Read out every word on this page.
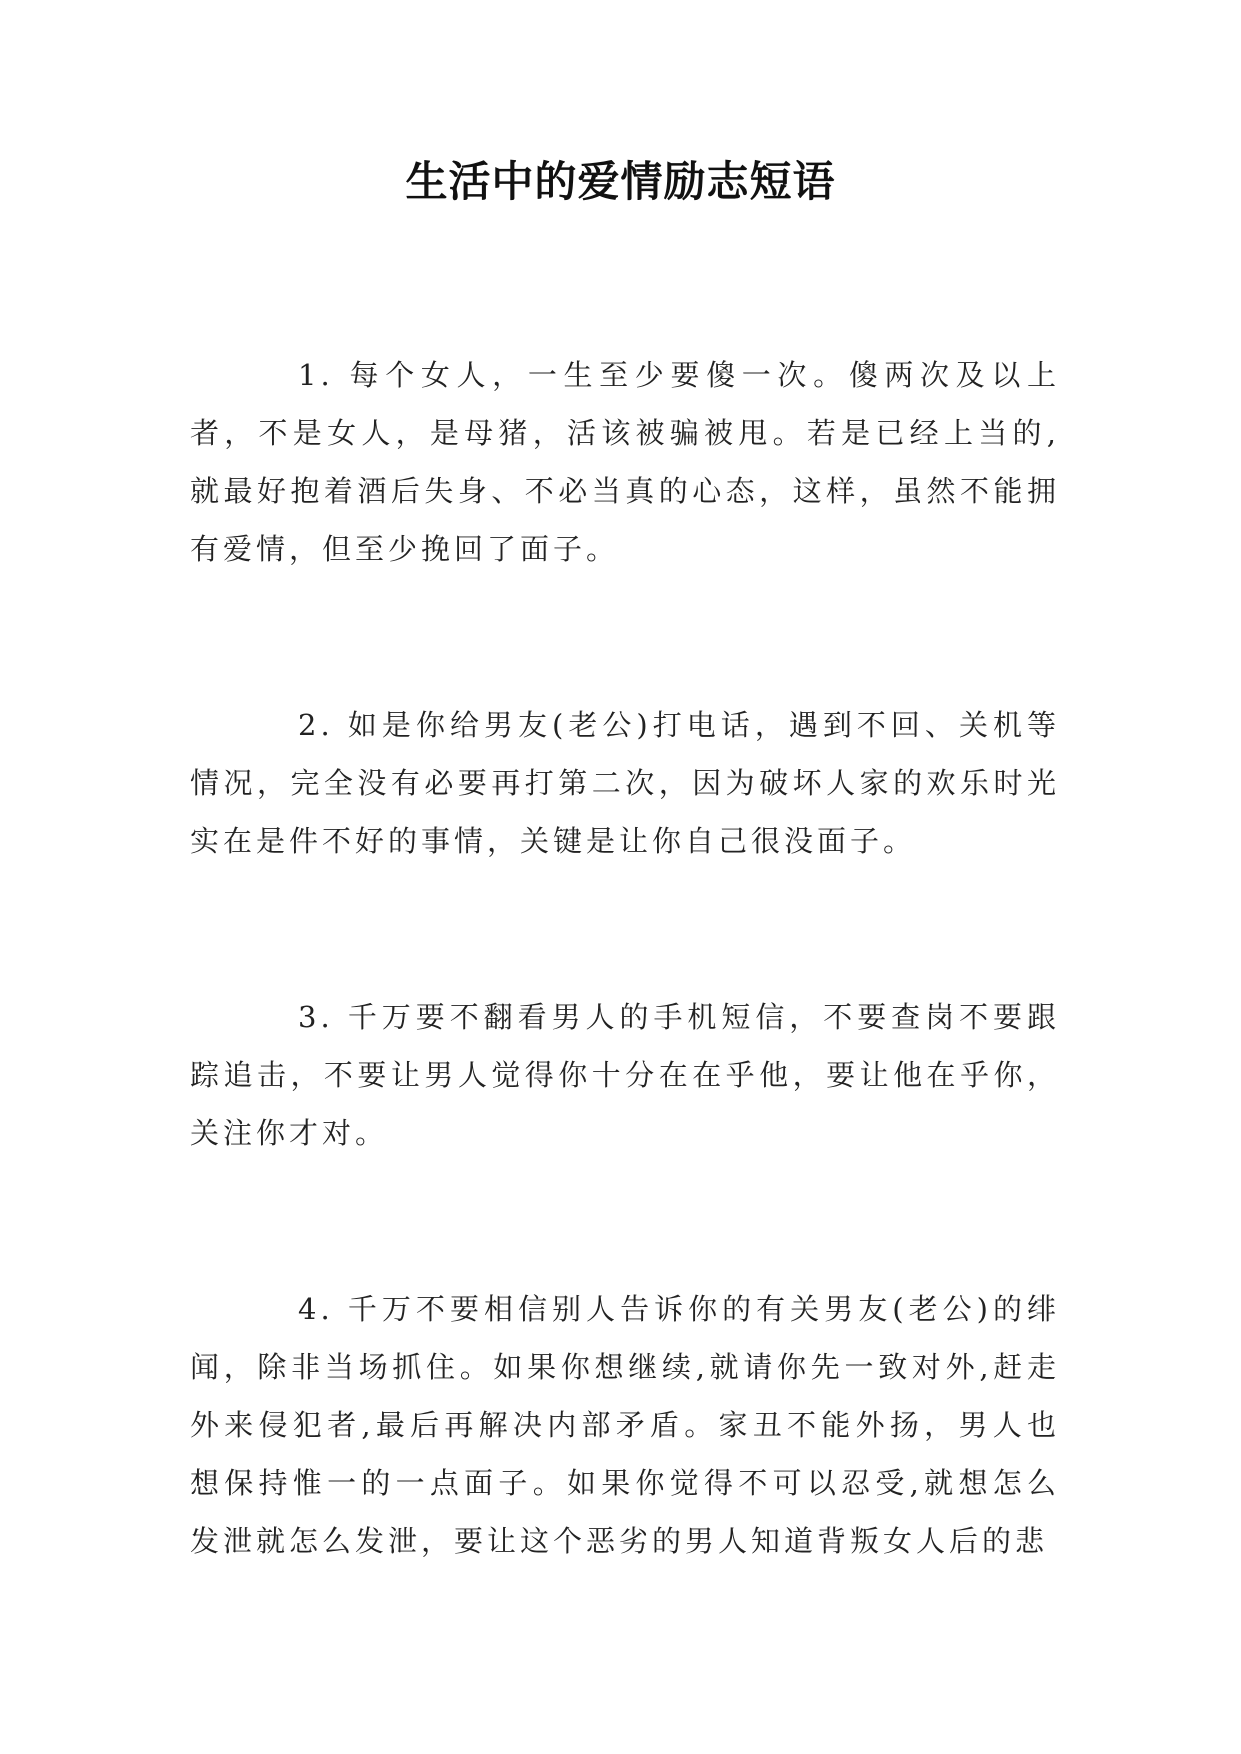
生活中的爱情励志短语

1. 每个女人，一生至少要傻一次。傻两次及以上者，不是女人，是母猪，活该被骗被甩。若是已经上当的,就最好抱着酒后失身、不必当真的心态，这样，虽然不能拥有爱情，但至少挽回了面子。

2. 如是你给男友(老公)打电话，遇到不回、关机等情况，完全没有必要再打第二次，因为破坏人家的欢乐时光实在是件不好的事情，关键是让你自己很没面子。

3. 千万要不翻看男人的手机短信，不要查岗不要跟踪追击，不要让男人觉得你十分在在乎他，要让他在乎你，关注你才对。

4. 千万不要相信别人告诉你的有关男友(老公)的绯闻，除非当场抓住。如果你想继续,就请你先一致对外,赶走外来侵犯者,最后再解决内部矛盾。家丑不能外扬，男人也想保持惟一的一点面子。如果你觉得不可以忍受,就想怎么发泄就怎么发泄，要让这个恶劣的男人知道背叛女人后的悲
